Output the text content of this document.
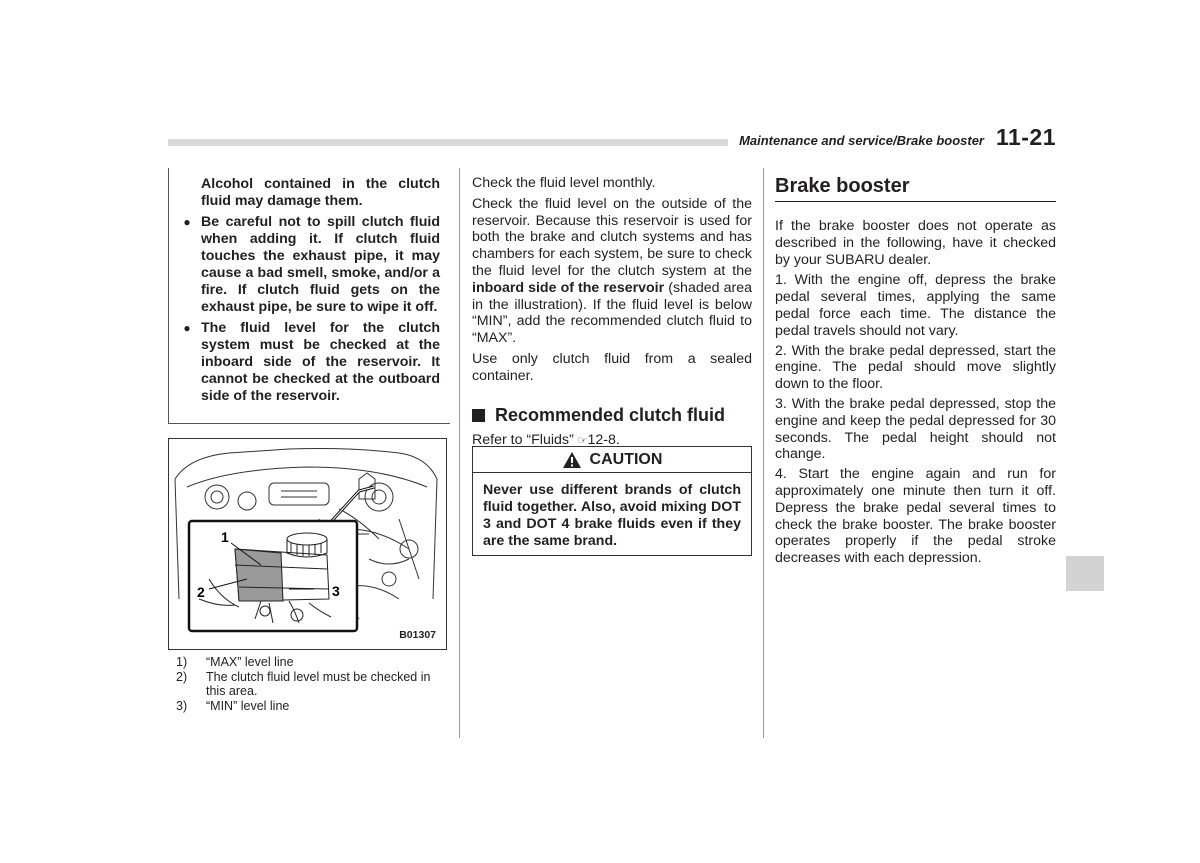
Maintenance and service/Brake booster 11-21
Alcohol contained in the clutch fluid may damage them.
● Be careful not to spill clutch fluid when adding it. If clutch fluid touches the exhaust pipe, it may cause a bad smell, smoke, and/or a fire. If clutch fluid gets on the exhaust pipe, be sure to wipe it off.
● The fluid level for the clutch system must be checked at the inboard side of the reservoir. It cannot be checked at the outboard side of the reservoir.
1
2	3
B01307
1)	“MAX” level line
2)	The clutch fluid level must be checked in this area.
3)	“MIN” level line

Check the fluid level monthly.

Check the fluid level on the outside of the reservoir. Because this reservoir is used for both the brake and clutch systems and has chambers for each system, be sure to check the fluid level for the clutch system at the inboard side of the reservoir (shaded area in the illustration). If the fluid level is below “MIN”, add the recommended clutch fluid to “MAX”.

Use only clutch fluid from a sealed container.

Recommended clutch fluid
Refer to “Fluids” ☞12-8.
CAUTION
Never use different brands of clutch fluid together. Also, avoid mixing DOT 3 and DOT 4 brake fluids even if they are the same brand.
Brake booster

If the brake booster does not operate as described in the following, have it checked by your SUBARU dealer.

1. With the engine off, depress the brake pedal several times, applying the same pedal force each time. The distance the pedal travels should not vary.

2. With the brake pedal depressed, start the engine. The pedal should move slightly down to the floor.

3. With the brake pedal depressed, stop the engine and keep the pedal depressed for 30 seconds. The pedal height should not change.

4. Start the engine again and run for approximately one minute then turn it off. Depress the brake pedal several times to check the brake booster. The brake booster operates properly if the pedal stroke decreases with each depression.
